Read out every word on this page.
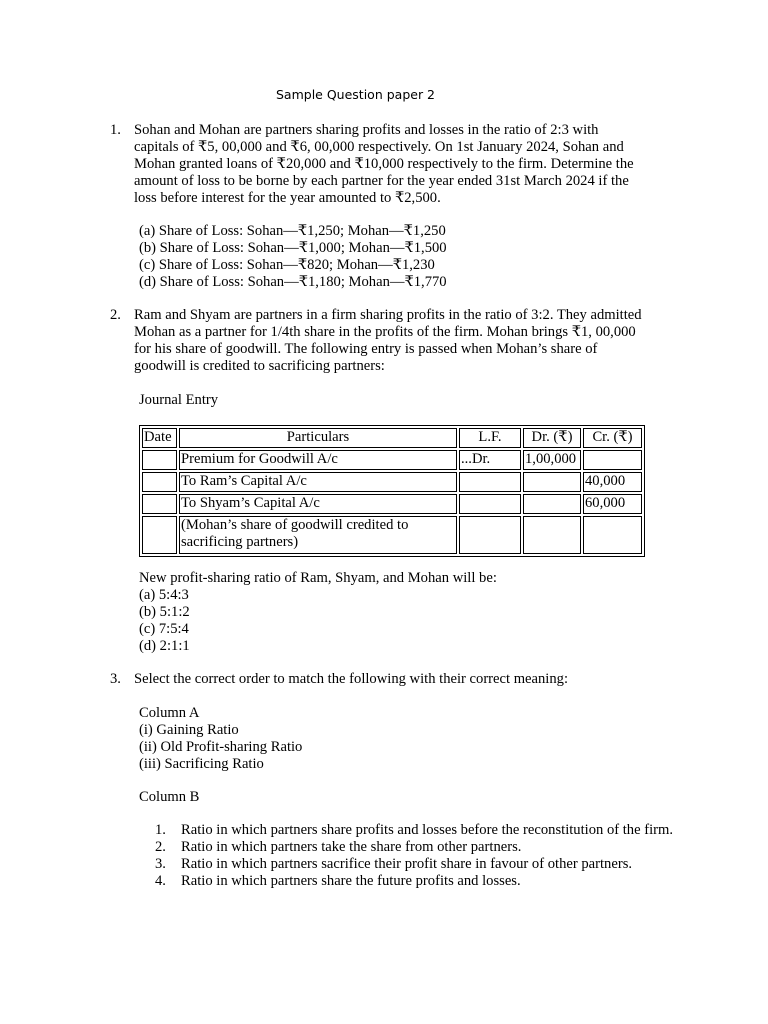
Sample Question paper 2
1. Sohan and Mohan are partners sharing profits and losses in the ratio of 2:3 with
capitals of ₹5, 00,000 and ₹6, 00,000 respectively. On 1st January 2024, Sohan and
Mohan granted loans of ₹20,000 and ₹10,000 respectively to the firm. Determine the
amount of loss to be borne by each partner for the year ended 31st March 2024 if the
loss before interest for the year amounted to ₹2,500.
(a) Share of Loss: Sohan—₹1,250; Mohan—₹1,250
(b) Share of Loss: Sohan—₹1,000; Mohan—₹1,500
(c) Share of Loss: Sohan—₹820; Mohan—₹1,230
(d) Share of Loss: Sohan—₹1,180; Mohan—₹1,770
2. Ram and Shyam are partners in a firm sharing profits in the ratio of 3:2. They admitted
Mohan as a partner for 1/4th share in the profits of the firm. Mohan brings ₹1, 00,000
for his share of goodwill. The following entry is passed when Mohan’s share of
goodwill is credited to sacrificing partners:
Journal Entry
Date	Particulars	L.F.	Dr. (₹)	Cr. (₹)
	Premium for Goodwill A/c	...Dr.	1,00,000	
	To Ram’s Capital A/c			40,000
	To Shyam’s Capital A/c			60,000
	(Mohan’s share of goodwill credited to sacrificing partners)			
New profit-sharing ratio of Ram, Shyam, and Mohan will be:
(a) 5:4:3
(b) 5:1:2
(c) 7:5:4
(d) 2:1:1
3. Select the correct order to match the following with their correct meaning:
Column A
(i) Gaining Ratio
(ii) Old Profit-sharing Ratio
(iii) Sacrificing Ratio
Column B
1. Ratio in which partners share profits and losses before the reconstitution of the firm.
2. Ratio in which partners take the share from other partners.
3. Ratio in which partners sacrifice their profit share in favour of other partners.
4. Ratio in which partners share the future profits and losses.
